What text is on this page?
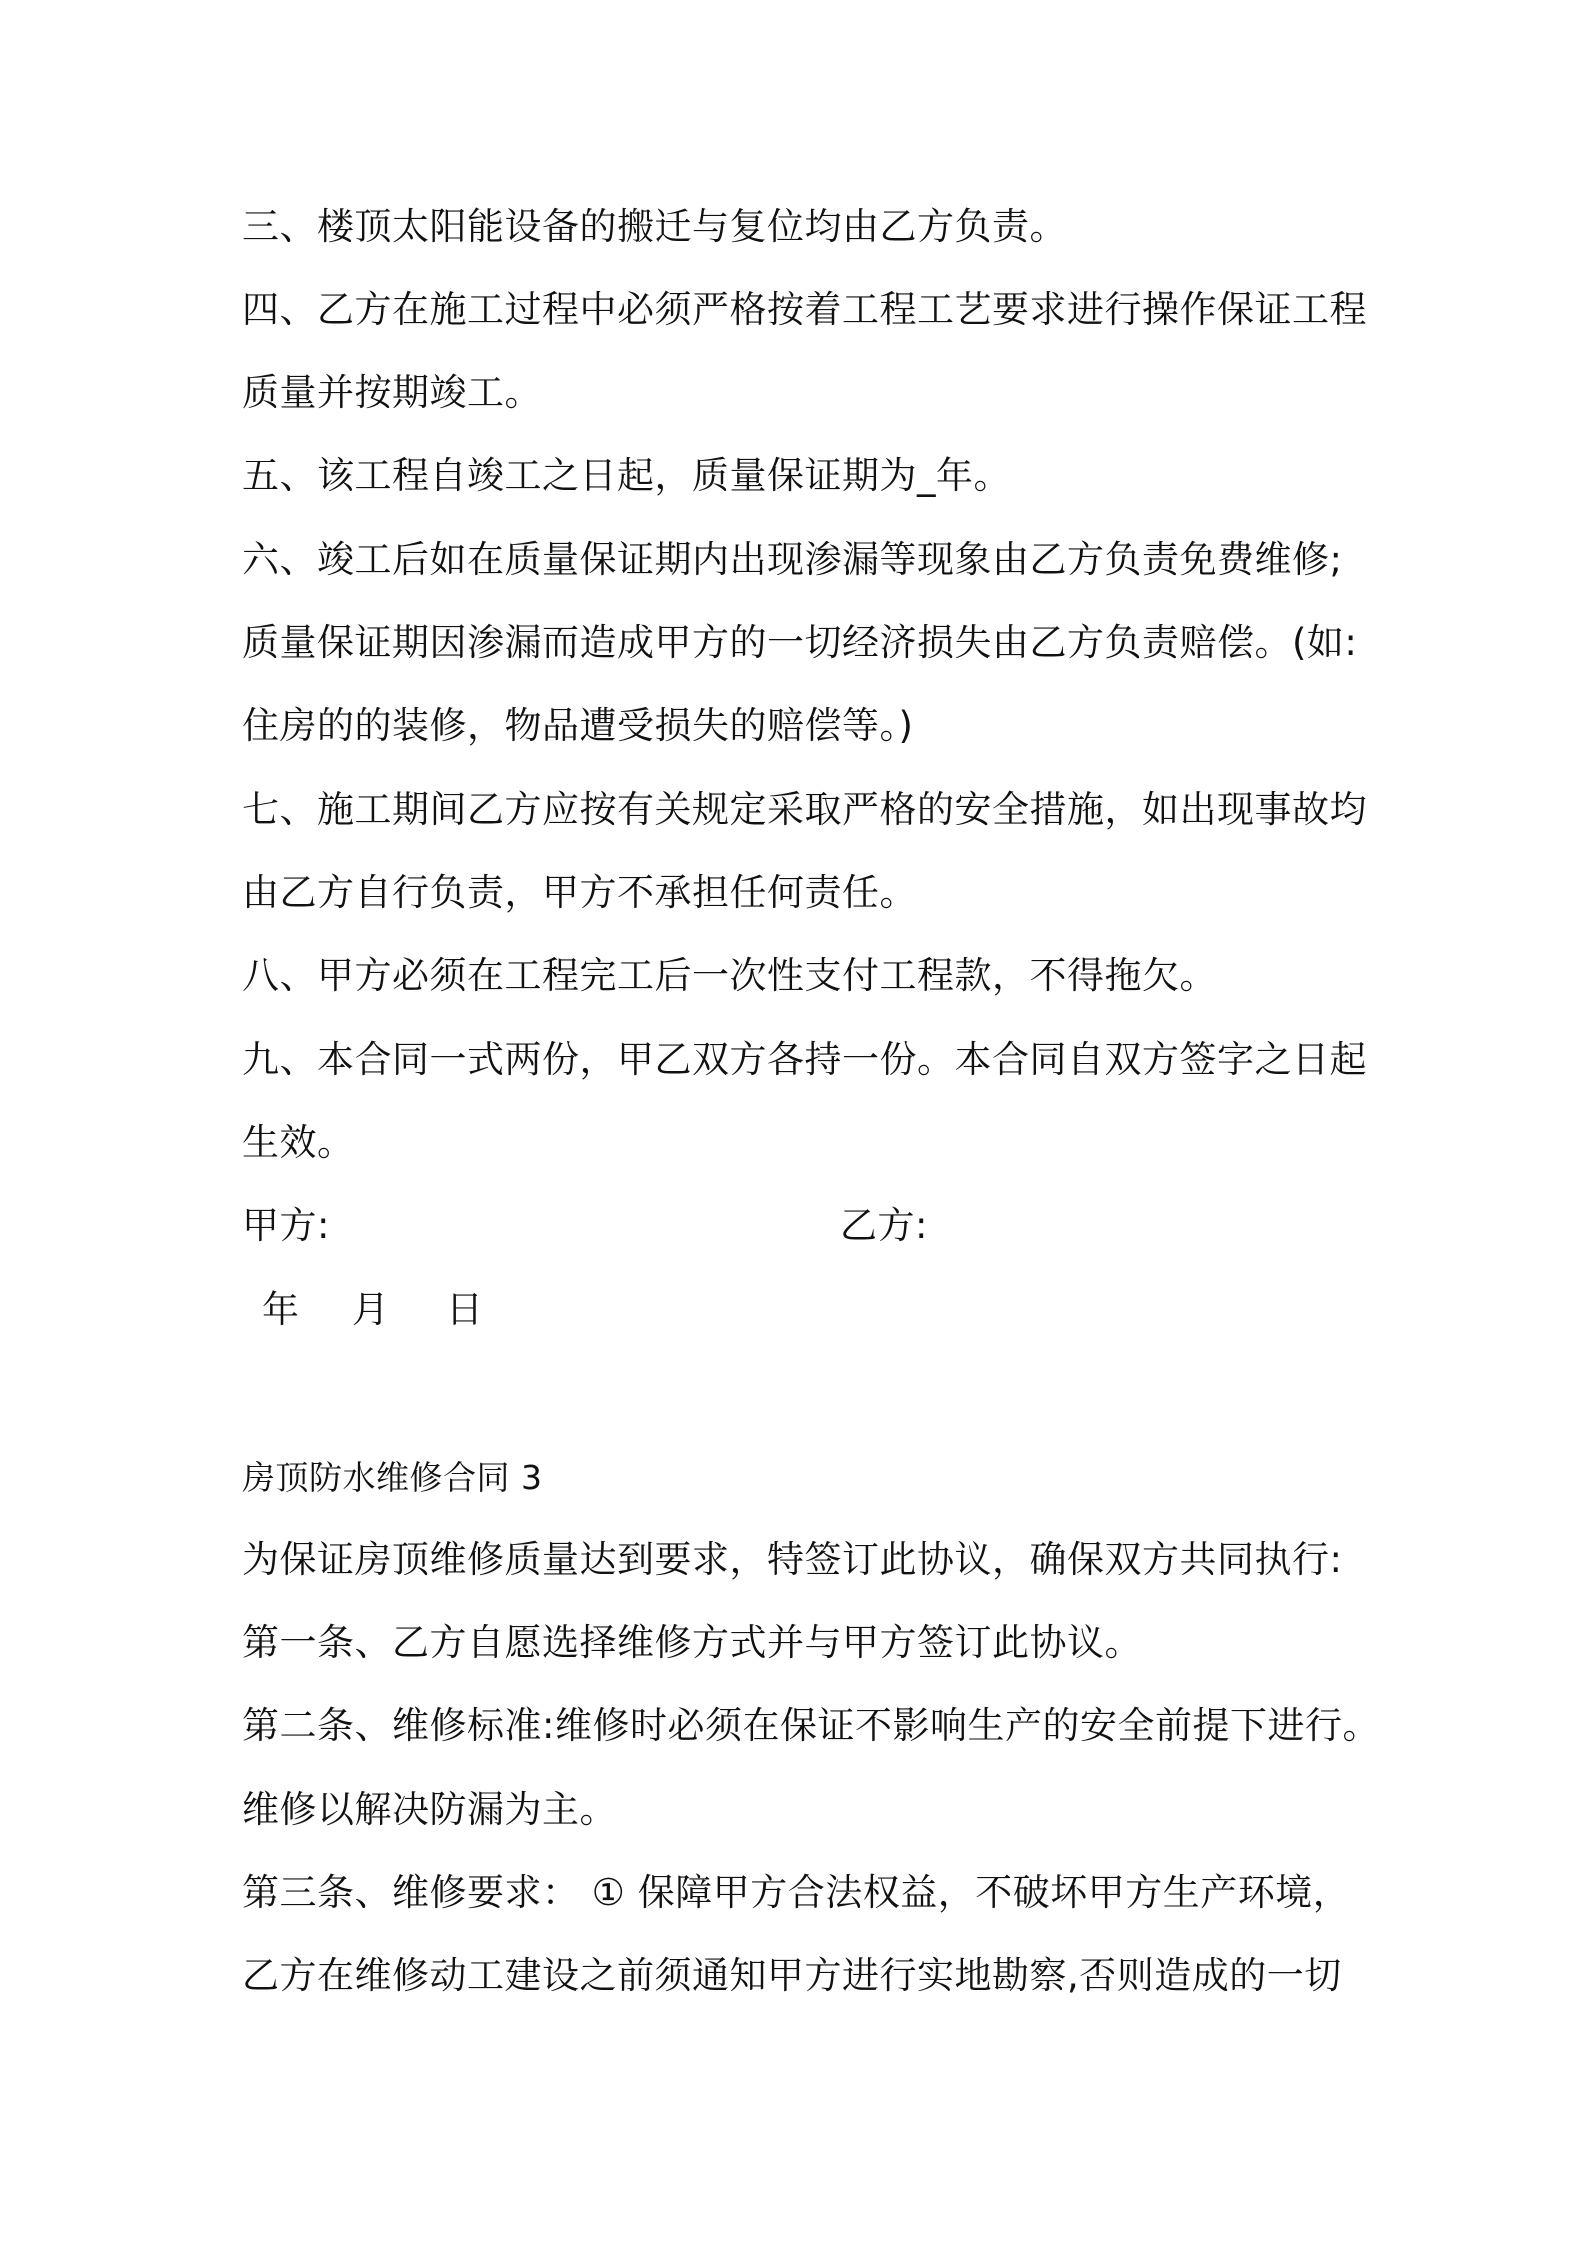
三、楼顶太阳能设备的搬迁与复位均由乙方负责。
四、乙方在施工过程中必须严格按着工程工艺要求进行操作保证工程
质量并按期竣工。
五、该工程自竣工之日起，质量保证期为_年。
六、竣工后如在质量保证期内出现渗漏等现象由乙方负责免费维修;
质量保证期因渗漏而造成甲方的一切经济损失由乙方负责赔偿。(如:
住房的的装修，物品遭受损失的赔偿等。)
七、施工期间乙方应按有关规定采取严格的安全措施，如出现事故均
由乙方自行负责，甲方不承担任何责任。
八、甲方必须在工程完工后一次性支付工程款，不得拖欠。
九、本合同一式两份，甲乙双方各持一份。本合同自双方签字之日起
生效。
甲方:	乙方:
年 月 日
房顶防水维修合同 3
为保证房顶维修质量达到要求，特签订此协议，确保双方共同执行:
第一条、乙方自愿选择维修方式并与甲方签订此协议。
第二条、维修标准:维修时必须在保证不影响生产的安全前提下进行。
维修以解决防漏为主。
第三条、维修要求： ① 保障甲方合法权益，不破坏甲方生产环境，
乙方在维修动工建设之前须通知甲方进行实地勘察,否则造成的一切
